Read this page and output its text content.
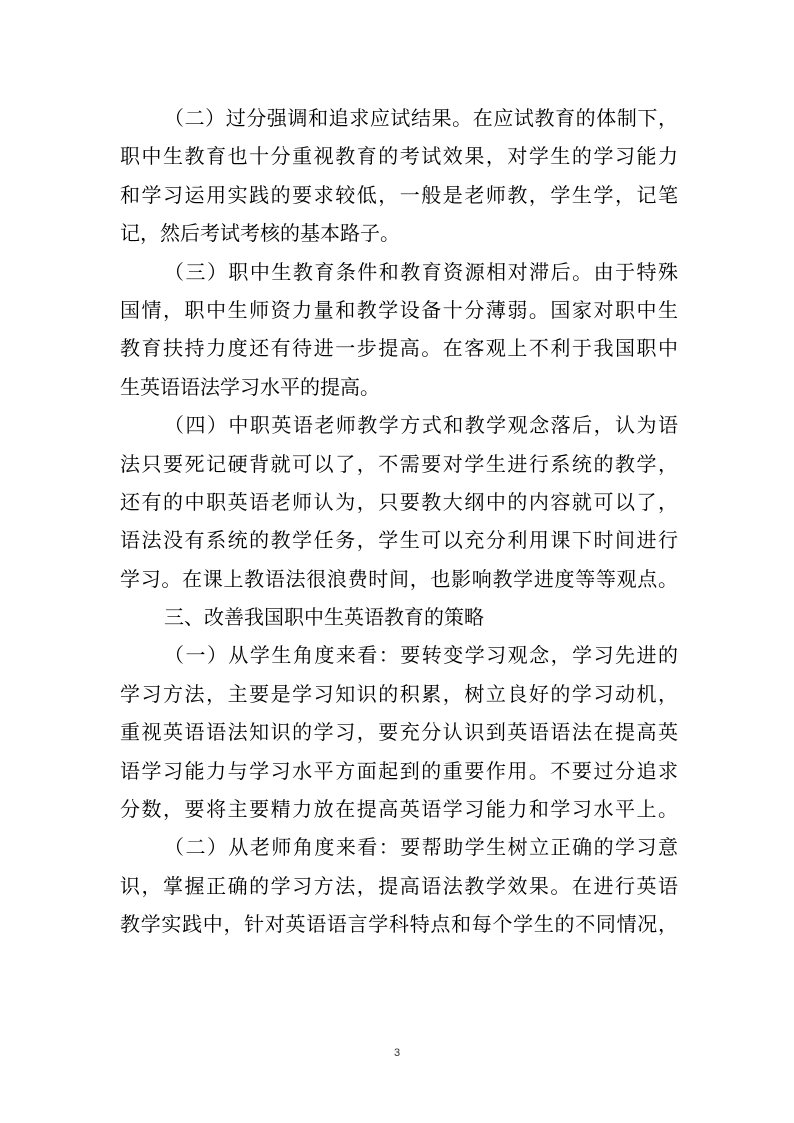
（二）过分强调和追求应试结果。在应试教育的体制下，
职中生教育也十分重视教育的考试效果，对学生的学习能力
和学习运用实践的要求较低，一般是老师教，学生学，记笔
记，然后考试考核的基本路子。
（三）职中生教育条件和教育资源相对滞后。由于特殊
国情，职中生师资力量和教学设备十分薄弱。国家对职中生
教育扶持力度还有待进一步提高。在客观上不利于我国职中
生英语语法学习水平的提高。
（四）中职英语老师教学方式和教学观念落后，认为语
法只要死记硬背就可以了，不需要对学生进行系统的教学，
还有的中职英语老师认为，只要教大纲中的内容就可以了，
语法没有系统的教学任务，学生可以充分利用课下时间进行
学习。在课上教语法很浪费时间，也影响教学进度等等观点。
三、改善我国职中生英语教育的策略
（一）从学生角度来看：要转变学习观念，学习先进的
学习方法，主要是学习知识的积累，树立良好的学习动机，
重视英语语法知识的学习，要充分认识到英语语法在提高英
语学习能力与学习水平方面起到的重要作用。不要过分追求
分数，要将主要精力放在提高英语学习能力和学习水平上。
（二）从老师角度来看：要帮助学生树立正确的学习意
识，掌握正确的学习方法，提高语法教学效果。在进行英语
教学实践中，针对英语语言学科特点和每个学生的不同情况，
3
